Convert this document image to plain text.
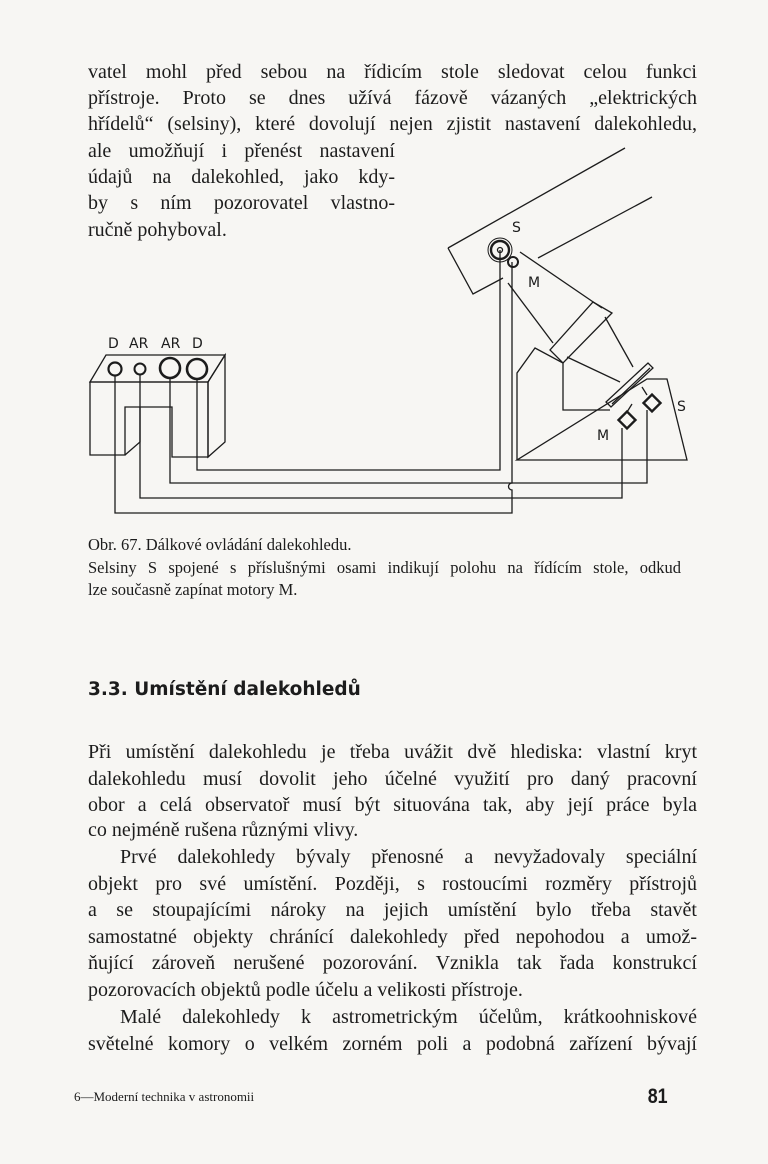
vatel mohl před sebou na řídicím stole sledovat celou funkci
přístroje. Proto se dnes užívá fázově vázaných „elektrických
hřídelů“ (selsiny), které dovolují nejen zjistit nastavení dalekohledu,
ale umožňují i přenést nastavení
údajů na dalekohled, jako kdy-
by s ním pozorovatel vlastno-
ručně pohyboval.
D AR AR D
S
M
S
M
Obr. 67. Dálkové ovládání dalekohledu.
Selsiny S spojené s příslušnými osami indikují polohu na řídícím stole, odkud
lze současně zapínat motory M.
3.3. Umístění dalekohledů
Při umístění dalekohledu je třeba uvážit dvě hlediska: vlastní kryt
dalekohledu musí dovolit jeho účelné využití pro daný pracovní
obor a celá observatoř musí být situována tak, aby její práce byla
co nejméně rušena různými vlivy.
Prvé dalekohledy bývaly přenosné a nevyžadovaly speciální
objekt pro své umístění. Později, s rostoucími rozměry přístrojů
a se stoupajícími nároky na jejich umístění bylo třeba stavět
samostatné objekty chránící dalekohledy před nepohodou a umož-
ňující zároveň nerušené pozorování. Vznikla tak řada konstrukcí
pozorovacích objektů podle účelu a velikosti přístroje.
Malé dalekohledy k astrometrickým účelům, krátkoohniskové
světelné komory o velkém zorném poli a podobná zařízení bývají
6—Moderní technika v astronomii	81
